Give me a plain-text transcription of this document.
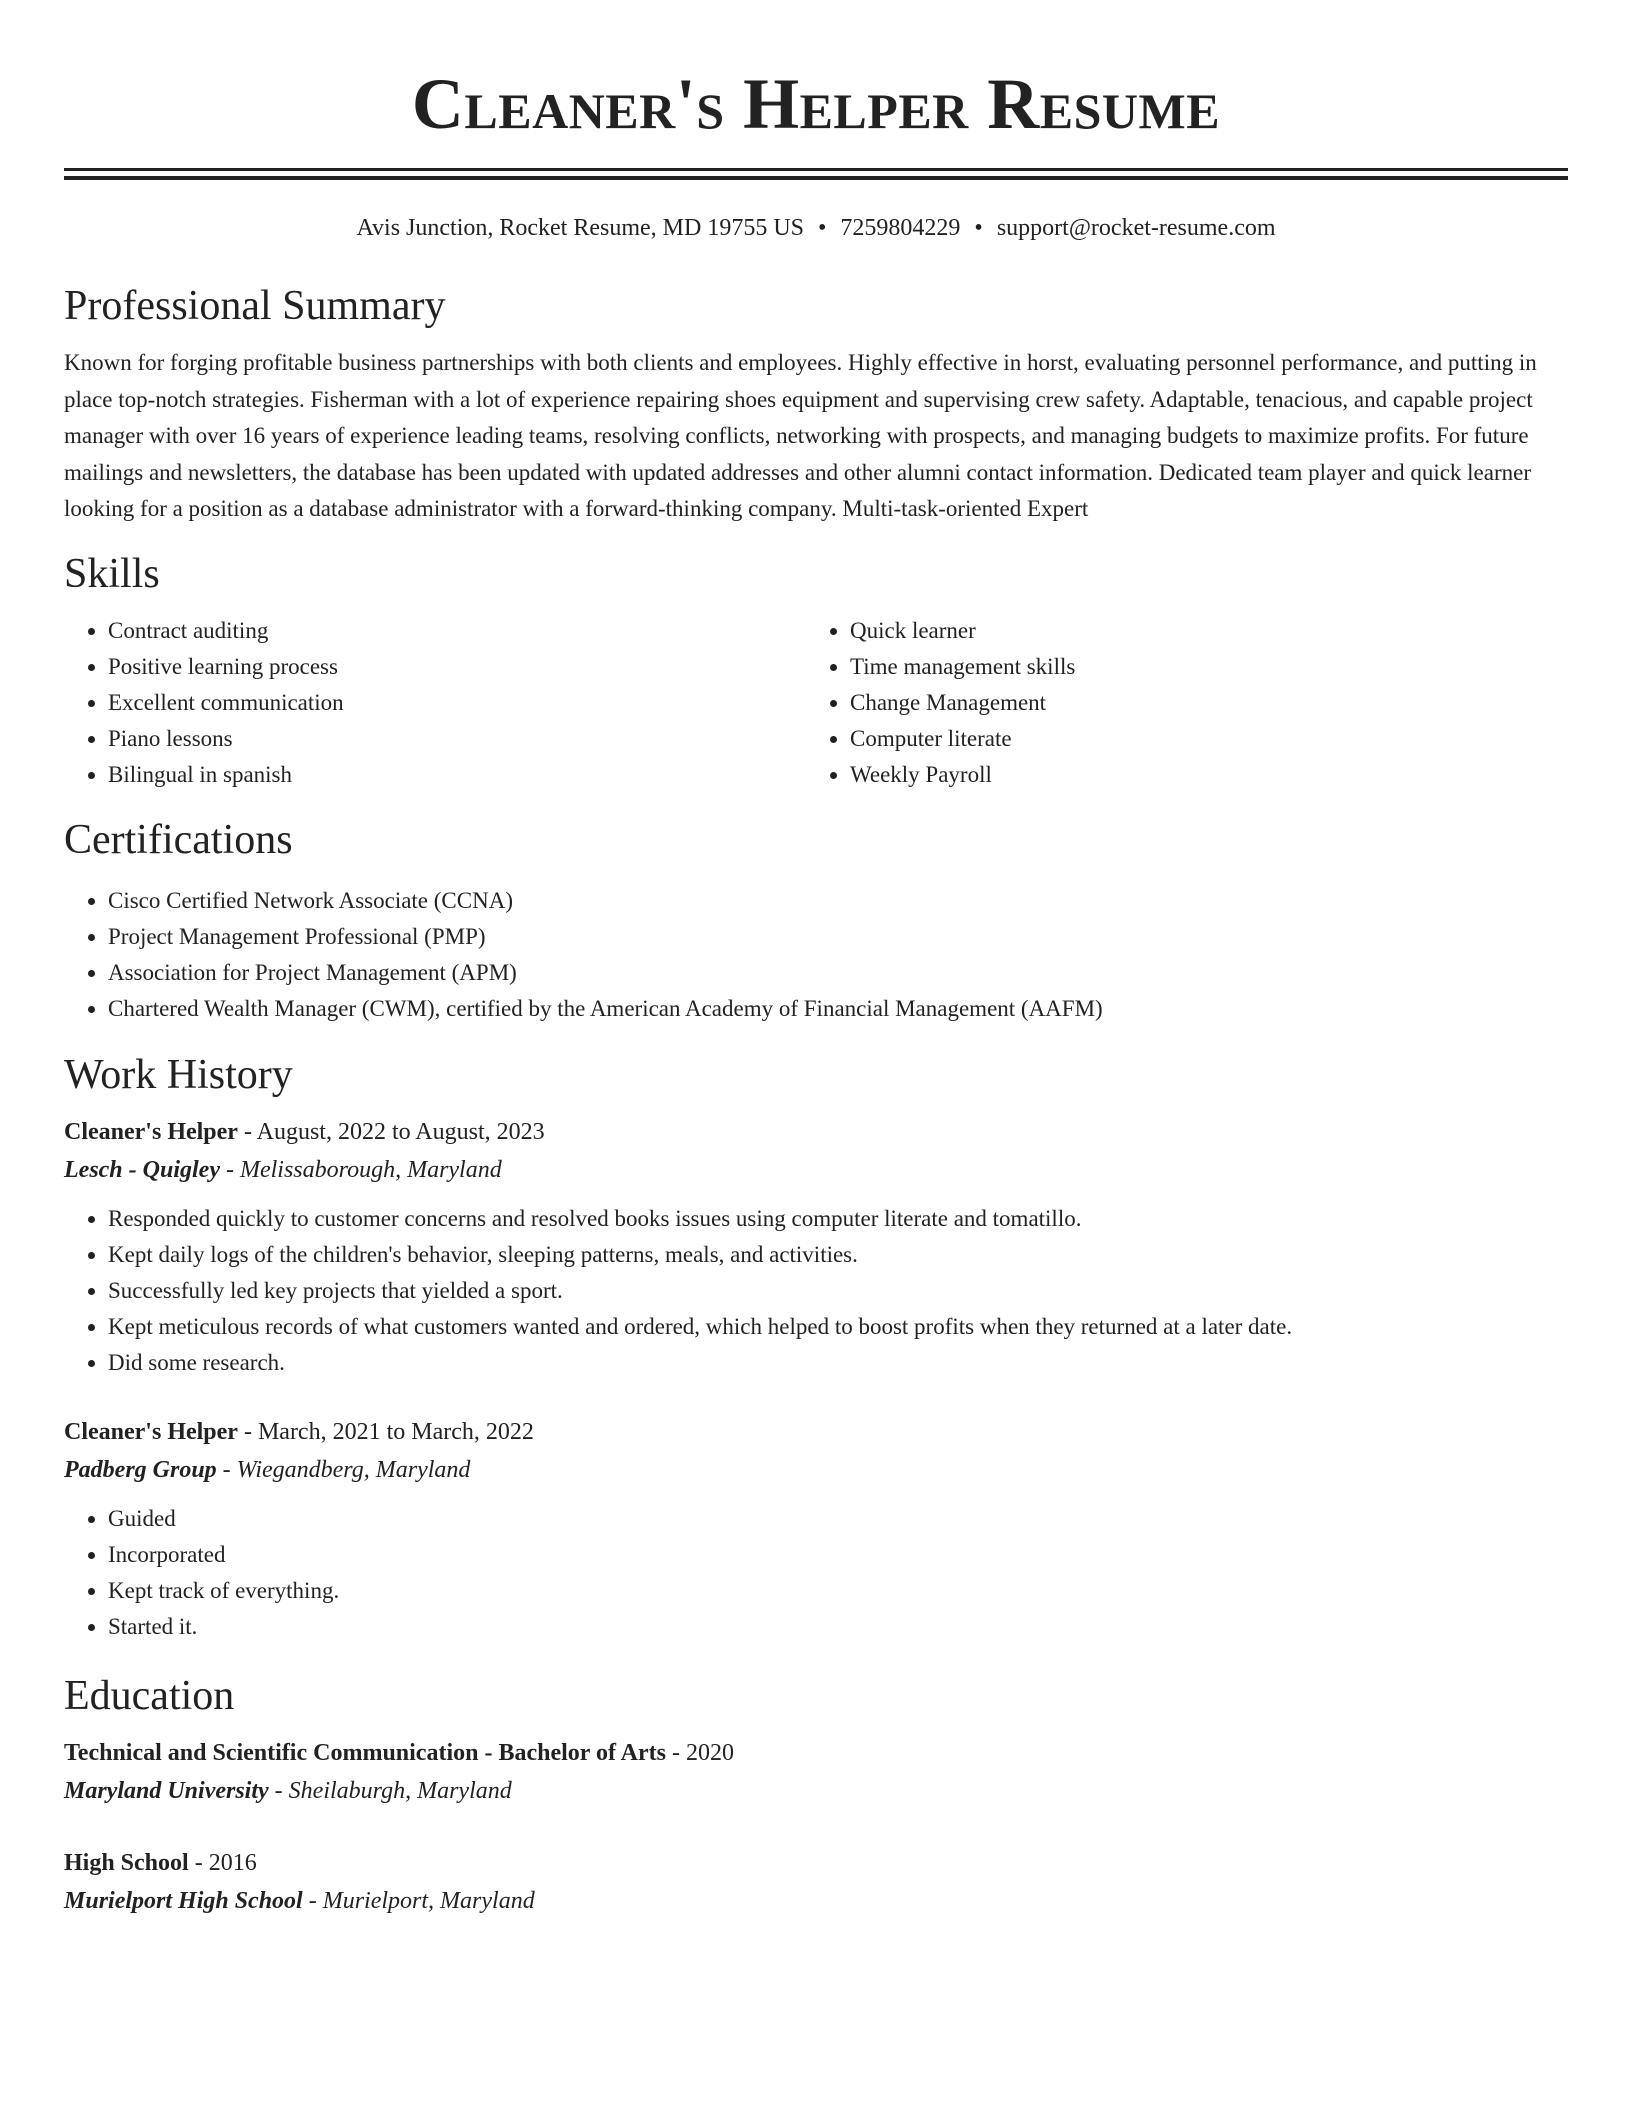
Cleaner's Helper Resume
Avis Junction, Rocket Resume, MD 19755 US • 7259804229 • support@rocket-resume.com
Professional Summary

Known for forging profitable business partnerships with both clients and employees. Highly effective in horst, evaluating personnel performance, and putting in place top-notch strategies. Fisherman with a lot of experience repairing shoes equipment and supervising crew safety. Adaptable, tenacious, and capable project manager with over 16 years of experience leading teams, resolving conflicts, networking with prospects, and managing budgets to maximize profits. For future mailings and newsletters, the database has been updated with updated addresses and other alumni contact information. Dedicated team player and quick learner looking for a position as a database administrator with a forward-thinking company. Multi-task-oriented Expert

Skills
• Contract auditing
• Positive learning process
• Excellent communication
• Piano lessons
• Bilingual in spanish
• Quick learner
• Time management skills
• Change Management
• Computer literate
• Weekly Payroll
Certifications
• Cisco Certified Network Associate (CCNA)
• Project Management Professional (PMP)
• Association for Project Management (APM)
• Chartered Wealth Manager (CWM), certified by the American Academy of Financial Management (AAFM)
Work History
Cleaner's Helper - August, 2022 to August, 2023
Lesch - Quigley - Melissaborough, Maryland
• Responded quickly to customer concerns and resolved books issues using computer literate and tomatillo.
• Kept daily logs of the children's behavior, sleeping patterns, meals, and activities.
• Successfully led key projects that yielded a sport.
• Kept meticulous records of what customers wanted and ordered, which helped to boost profits when they returned at a later date.
• Did some research.
Cleaner's Helper - March, 2021 to March, 2022
Padberg Group - Wiegandberg, Maryland
• Guided
• Incorporated
• Kept track of everything.
• Started it.
Education
Technical and Scientific Communication - Bachelor of Arts - 2020
Maryland University - Sheilaburgh, Maryland
High School - 2016
Murielport High School - Murielport, Maryland
